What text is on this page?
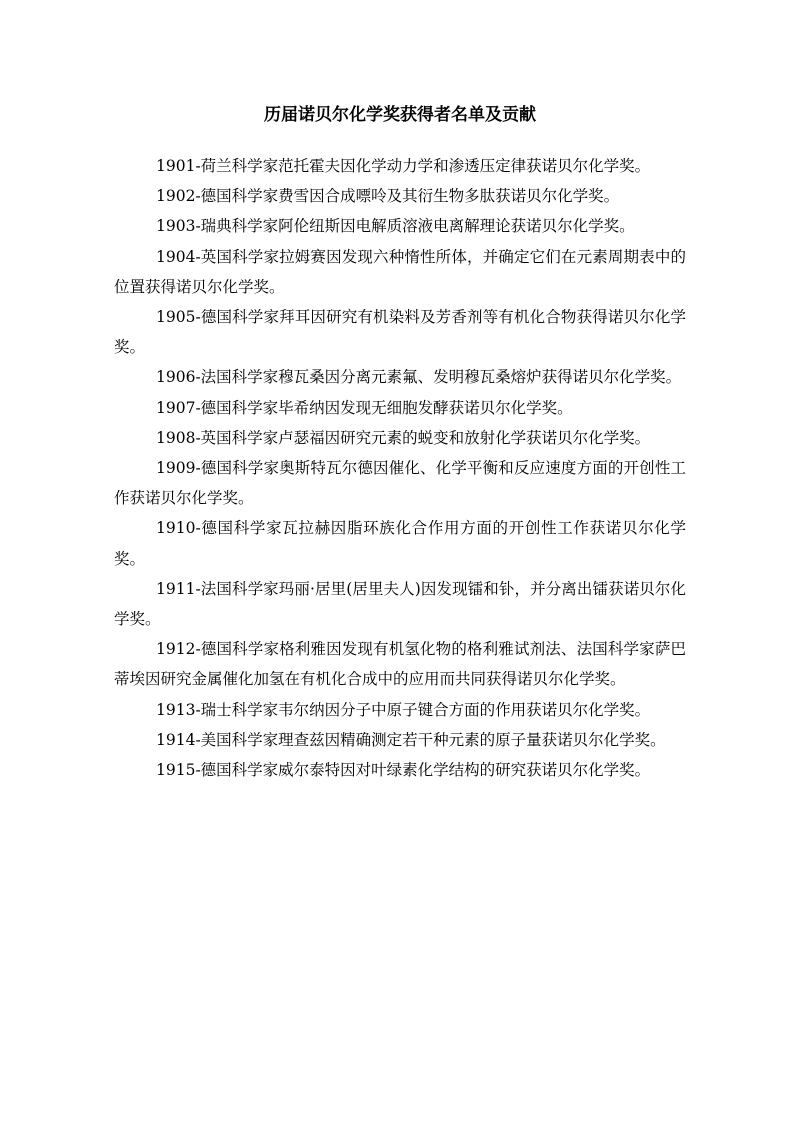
历届诺贝尔化学奖获得者名单及贡献

1901-荷兰科学家范托霍夫因化学动力学和渗透压定律获诺贝尔化学奖。

1902-德国科学家费雪因合成嘌呤及其衍生物多肽获诺贝尔化学奖。

1903-瑞典科学家阿伦纽斯因电解质溶液电离解理论获诺贝尔化学奖。

1904-英国科学家拉姆赛因发现六种惰性所体，并确定它们在元素周期表中的位置获得诺贝尔化学奖。

1905-德国科学家拜耳因研究有机染料及芳香剂等有机化合物获得诺贝尔化学奖。

1906-法国科学家穆瓦桑因分离元素氟、发明穆瓦桑熔炉获得诺贝尔化学奖。

1907-德国科学家毕希纳因发现无细胞发酵获诺贝尔化学奖。

1908-英国科学家卢瑟福因研究元素的蜕变和放射化学获诺贝尔化学奖。

1909-德国科学家奥斯特瓦尔德因催化、化学平衡和反应速度方面的开创性工作获诺贝尔化学奖。

1910-德国科学家瓦拉赫因脂环族化合作用方面的开创性工作获诺贝尔化学奖。

1911-法国科学家玛丽·居里(居里夫人)因发现镭和钋，并分离出镭获诺贝尔化学奖。

1912-德国科学家格利雅因发现有机氢化物的格利雅试剂法、法国科学家萨巴蒂埃因研究金属催化加氢在有机化合成中的应用而共同获得诺贝尔化学奖。

1913-瑞士科学家韦尔纳因分子中原子键合方面的作用获诺贝尔化学奖。

1914-美国科学家理查兹因精确测定若干种元素的原子量获诺贝尔化学奖。

1915-德国科学家威尔泰特因对叶绿素化学结构的研究获诺贝尔化学奖。
